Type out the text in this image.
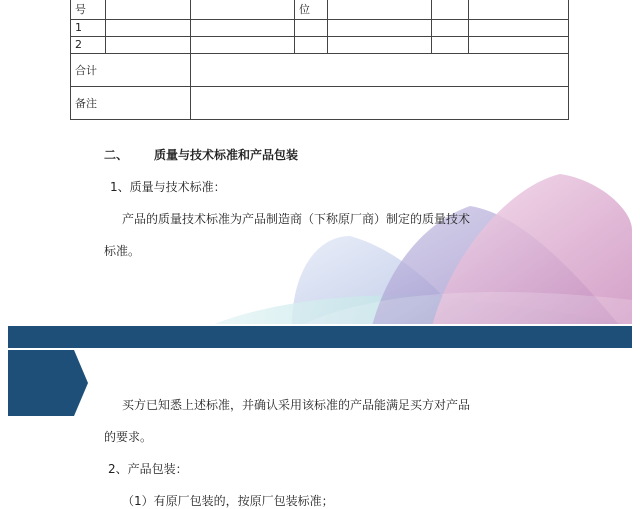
号			位			
1						
2						
合计						
备注						
二、 质量与技术标准和产品包装
1、质量与技术标准：
产品的质量技术标准为产品制造商（下称原厂商）制定的质量技术
标准。
买方已知悉上述标准，并确认采用该标准的产品能满足买方对产品
的要求。
2、产品包装：
（1）有原厂包装的，按原厂包装标准；
